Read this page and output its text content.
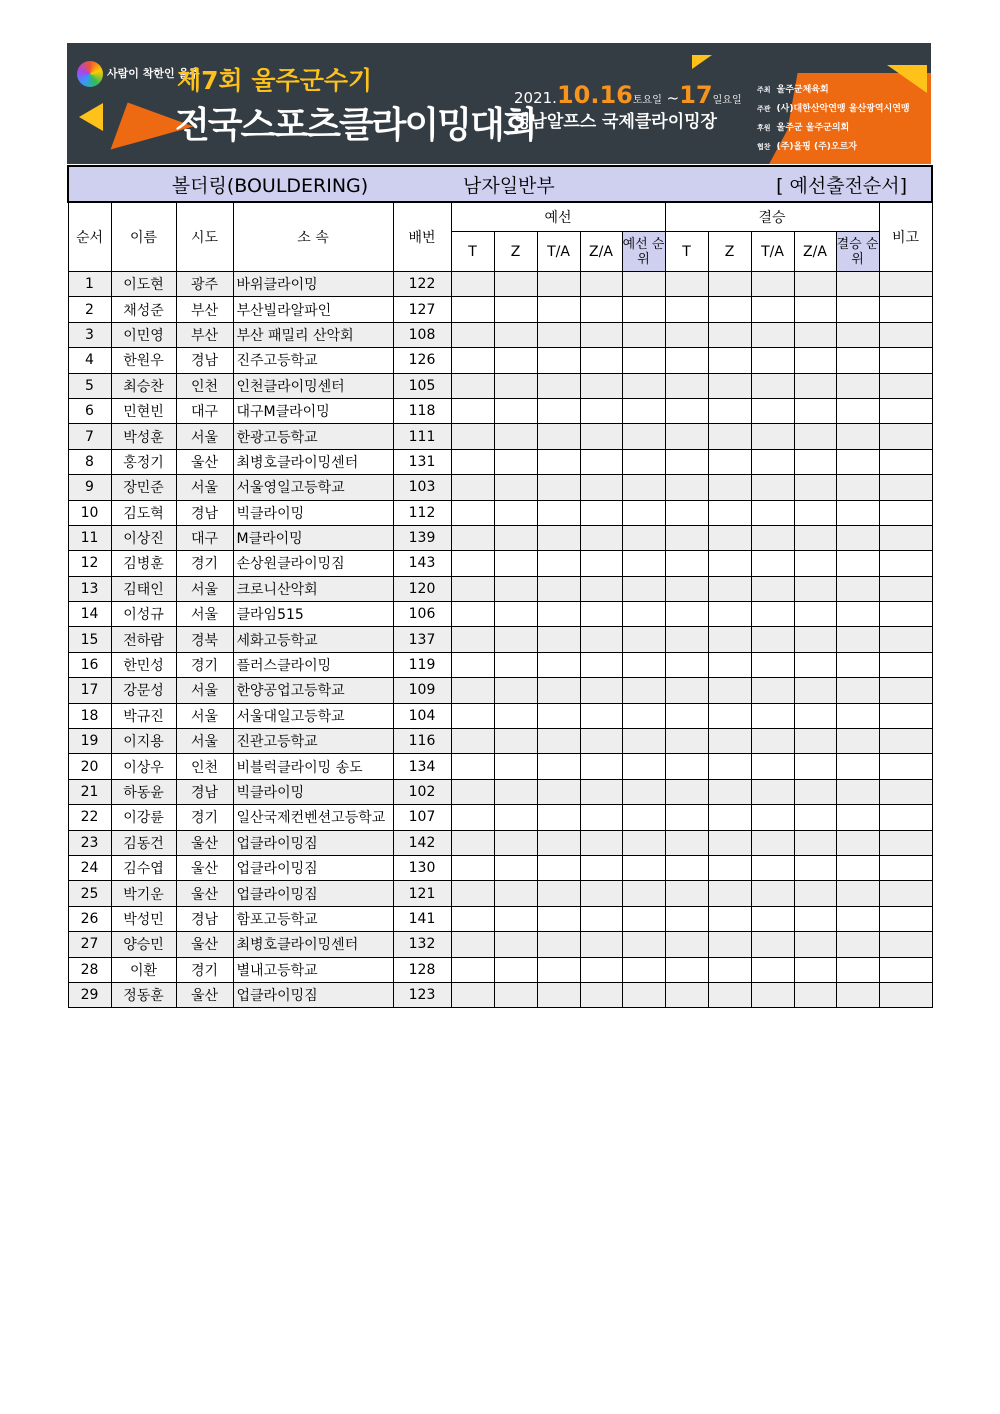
사람이 착한인 울주
제7회 울주군수기
전국스포츠클라이밍대회
2021.10.16토요일 ~17일요일
영남알프스 국제클라이밍장
주최 울주군체육회
주관 (사)대한산악연맹 울산광역시연맹
후원 울주군 울주군의회
협찬 (주)올핑 (주)오르자
볼더링(BOULDERING)					남자일반부						[ 예선출전순서]				
순서	이름	시도	소 속	배번	예선					결승					비고
					T	Z	T/A	Z/A	예선 순위	T	Z	T/A	Z/A	결승 순위	
1	이도현	광주	바위클라이밍	122											
2	채성준	부산	부산빌라알파인	127											
3	이민영	부산	부산 패밀리 산악회	108											
4	한원우	경남	진주고등학교	126											
5	최승찬	인천	인천클라이밍센터	105											
6	민현빈	대구	대구M클라이밍	118											
7	박성훈	서울	한광고등학교	111											
8	홍정기	울산	최병호클라이밍센터	131											
9	장민준	서울	서울영일고등학교	103											
10	김도혁	경남	빅클라이밍	112											
11	이상진	대구	M클라이밍	139											
12	김병훈	경기	손상원클라이밍짐	143											
13	김태인	서울	크로니산악회	120											
14	이성규	서울	클라임515	106											
15	전하람	경북	세화고등학교	137											
16	한민성	경기	플러스클라이밍	119											
17	강문성	서울	한양공업고등학교	109											
18	박규진	서울	서울대일고등학교	104											
19	이지용	서울	진관고등학교	116											
20	이상우	인천	비블럭클라이밍 송도	134											
21	하동윤	경남	빅클라이밍	102											
22	이강륜	경기	일산국제컨벤션고등학교	107											
23	김동건	울산	업클라이밍짐	142											
24	김수엽	울산	업클라이밍짐	130											
25	박기운	울산	업클라이밍짐	121											
26	박성민	경남	함포고등학교	141											
27	양승민	울산	최병호클라이밍센터	132											
28	이환	경기	별내고등학교	128											
29	정동훈	울산	업클라이밍짐	123											
